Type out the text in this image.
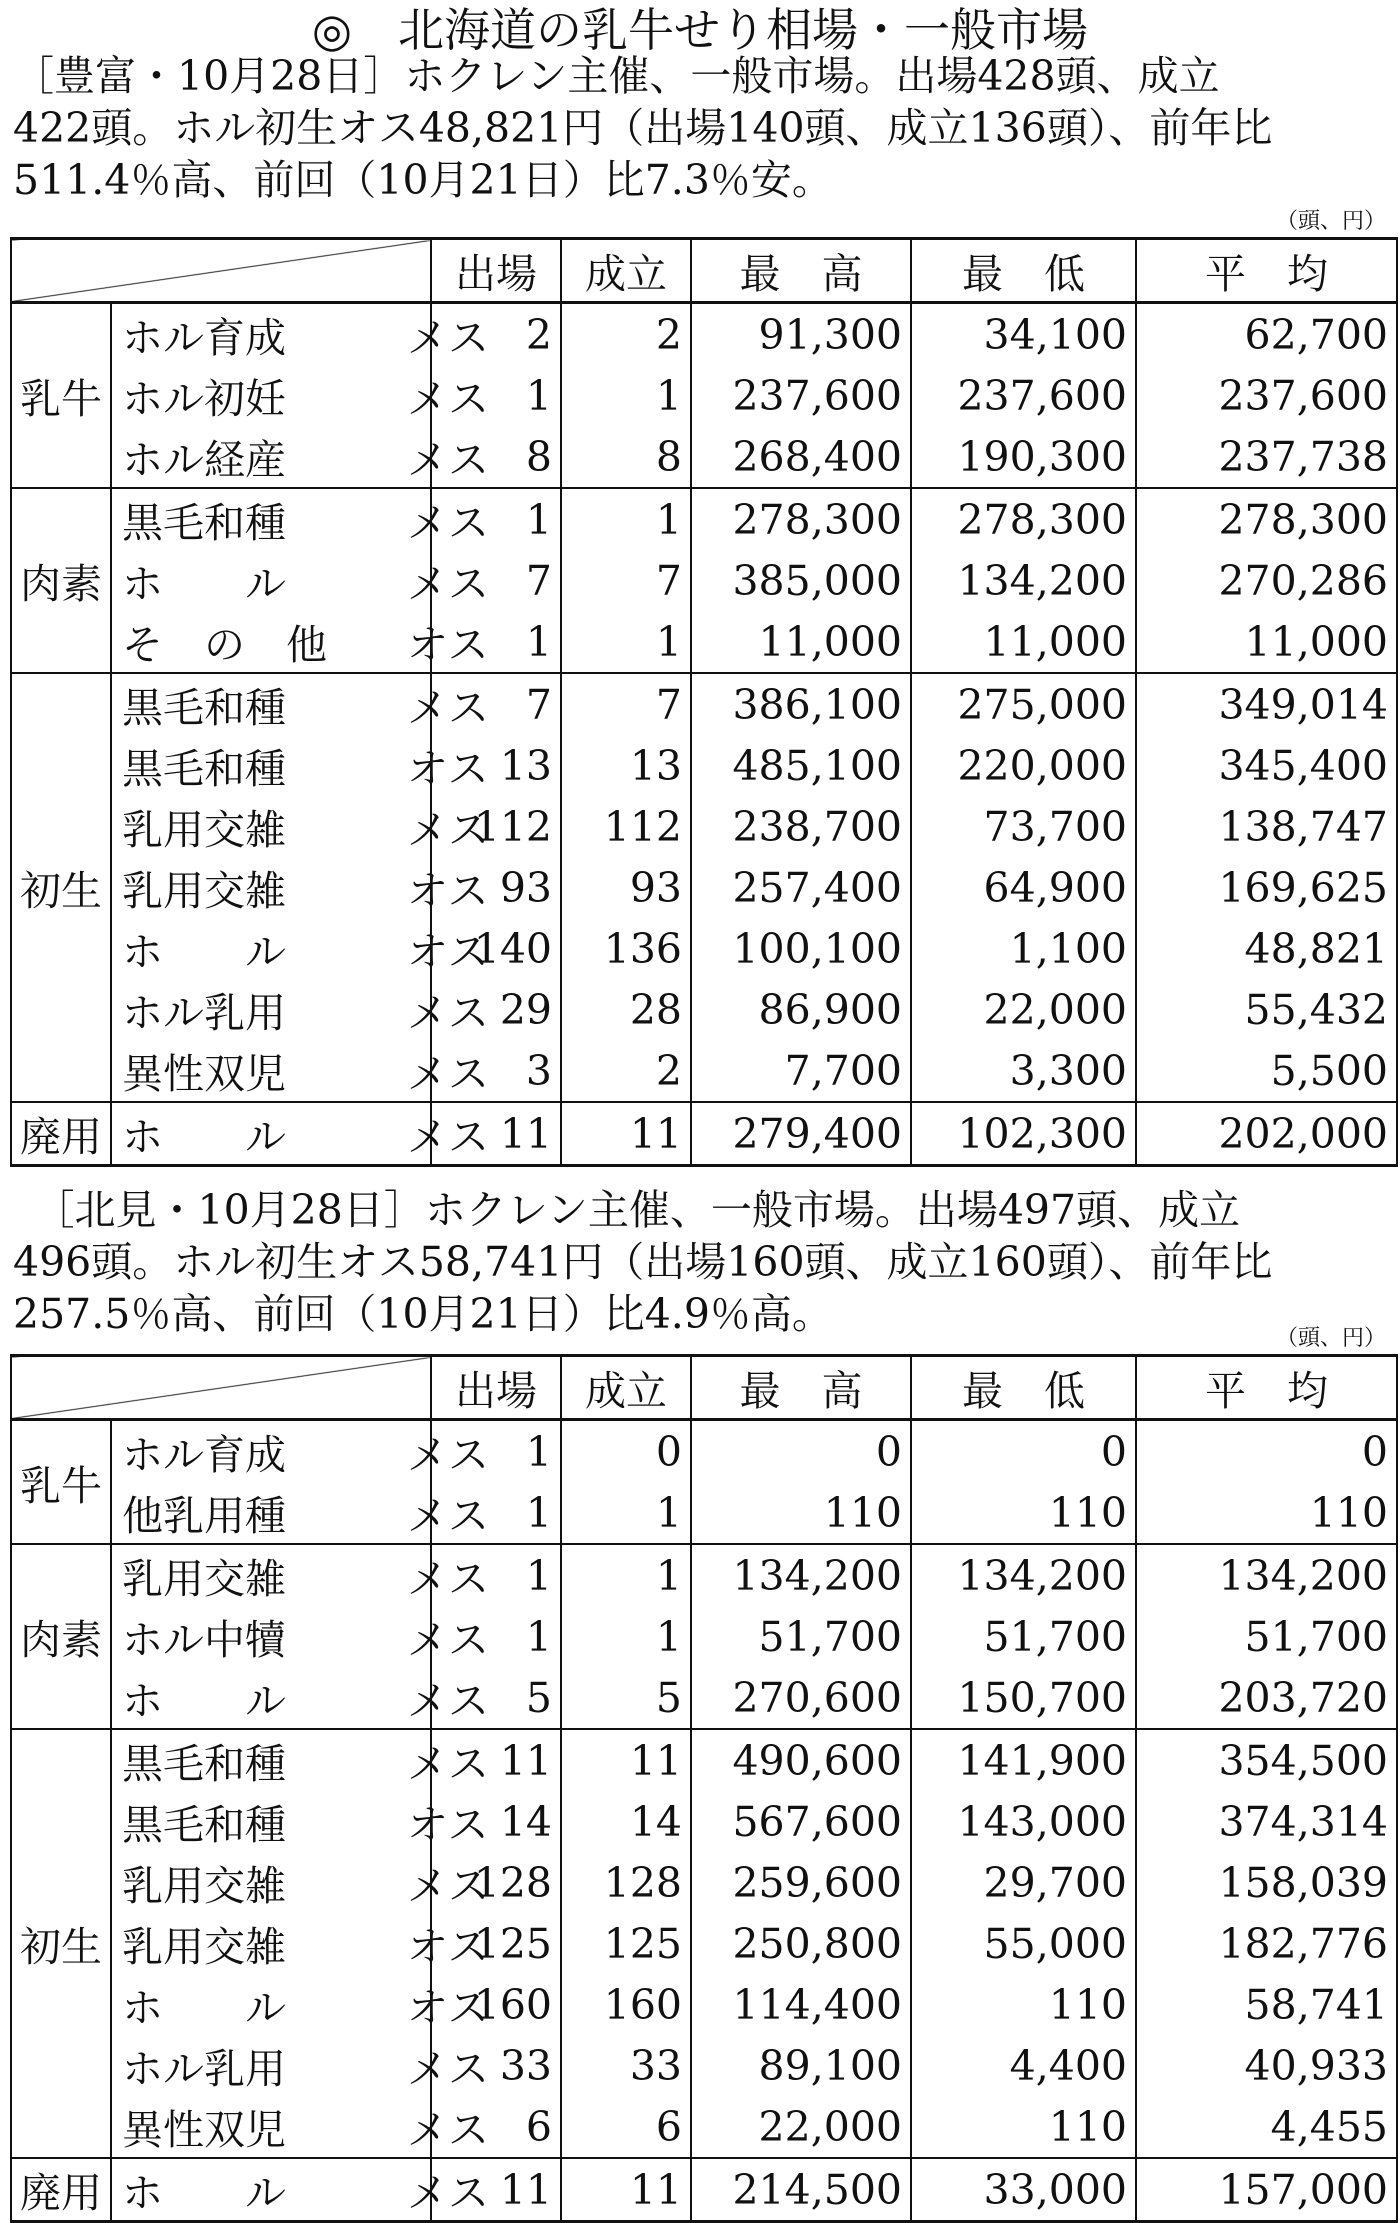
◎　北海道の乳牛せり相場・一般市場
［豊富・10月28日］ホクレン主催、一般市場。出場428頭、成立
422頭。ホル初生オス48,821円（出場140頭、成立136頭）、前年比
511.4％高、前回（10月21日）比7.3％安。
（頭、円）
		出場	成立	最　高	最　低	平　均
乳牛	ホル育成 メス	2	2	91,300	34,100	62,700
	ホル初妊 メス	1	1	237,600	237,600	237,600
	ホル経産 メス	8	8	268,400	190,300	237,738
肉素	黒毛和種 メス	1	1	278,300	278,300	278,300
	ホ　　ル メス	7	7	385,000	134,200	270,286
	そ　の　他 オス	1	1	11,000	11,000	11,000
初生	黒毛和種 メス	7	7	386,100	275,000	349,014
	黒毛和種 オス	13	13	485,100	220,000	345,400
	乳用交雑 メス	112	112	238,700	73,700	138,747
	乳用交雑 オス	93	93	257,400	64,900	169,625
	ホ　　ル オス	140	136	100,100	1,100	48,821
	ホル乳用 メス	29	28	86,900	22,000	55,432
	異性双児 メス	3	2	7,700	3,300	5,500
廃用	ホ　　ル メス	11	11	279,400	102,300	202,000
　［北見・10月28日］ホクレン主催、一般市場。出場497頭、成立
496頭。ホル初生オス58,741円（出場160頭、成立160頭）、前年比
257.5％高、前回（10月21日）比4.9％高。
（頭、円）
		出場	成立	最　高	最　低	平　均
乳牛	ホル育成 メス	1	0	0	0	0
	他乳用種 メス	1	1	110	110	110
肉素	乳用交雑 メス	1	1	134,200	134,200	134,200
	ホル中犢 メス	1	1	51,700	51,700	51,700
	ホ　　ル メス	5	5	270,600	150,700	203,720
初生	黒毛和種 メス	11	11	490,600	141,900	354,500
	黒毛和種 オス	14	14	567,600	143,000	374,314
	乳用交雑 メス	128	128	259,600	29,700	158,039
	乳用交雑 オス	125	125	250,800	55,000	182,776
	ホ　　ル オス	160	160	114,400	110	58,741
	ホル乳用 メス	33	33	89,100	4,400	40,933
	異性双児 メス	6	6	22,000	110	4,455
廃用	ホ　　ル メス	11	11	214,500	33,000	157,000
